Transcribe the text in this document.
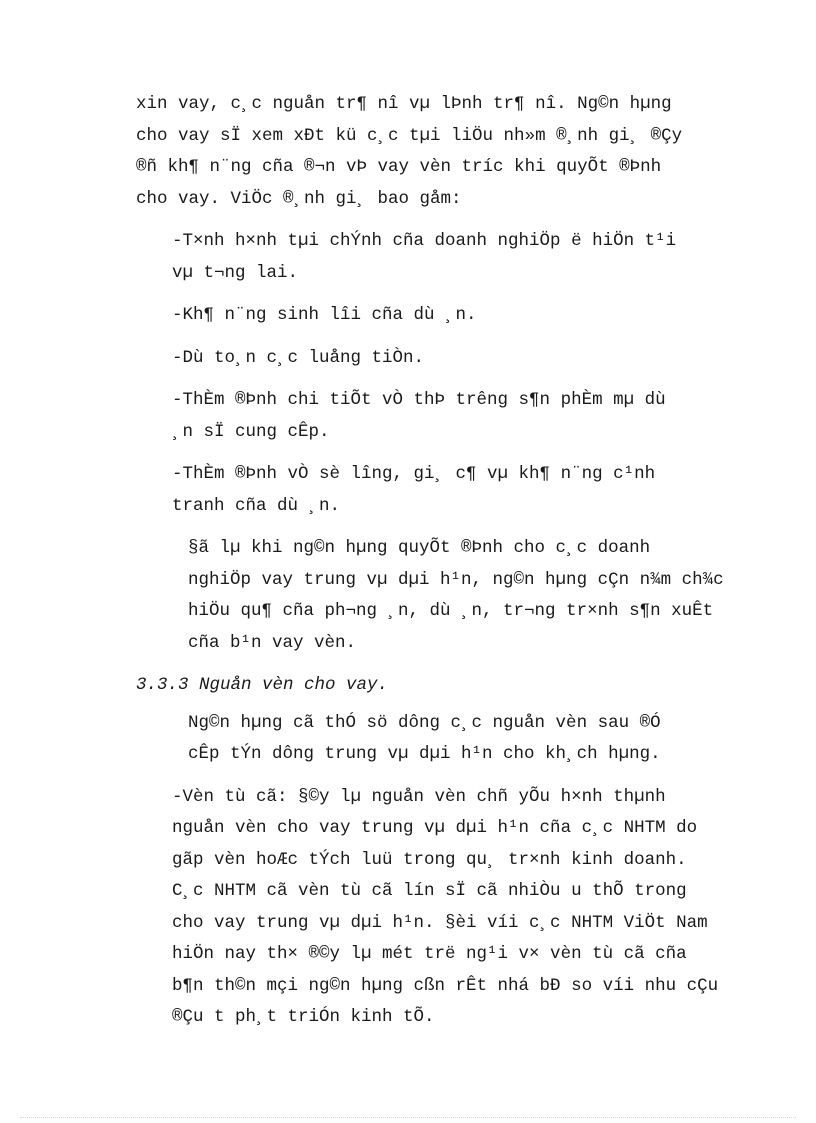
xin vay, c¸c nguån tr¶ nî vµ lÞnh tr¶ nî. Ng©n hµng
cho vay sÏ xem xÐt kü c¸c tµi liÖu nh»m ®¸nh gi¸ ®Çy
®ñ kh¶ n¨ng cña ®¬n vÞ vay vèn tríc khi quyÕt ®Þnh
cho vay. ViÖc ®¸nh gi¸ bao gåm:

-T×nh h×nh tµi chÝnh cña doanh nghiÖp ë hiÖn t¹i
vµ t¬ng lai.

-Kh¶ n¨ng sinh lîi cña dù ¸n.

-Dù to¸n c¸c luång tiÒn.

-ThÈm ®Þnh chi tiÕt vÒ thÞ trêng s¶n phÈm mµ dù
¸n sÏ cung cÊp.

-ThÈm ®Þnh vÒ sè lîng, gi¸ c¶ vµ kh¶ n¨ng c¹nh
tranh cña dù ¸n.

§ã lµ khi ng©n hµng quyÕt ®Þnh cho c¸c doanh
nghiÖp vay trung vµ dµi h¹n, ng©n hµng cÇn n¾m ch¾c
hiÖu qu¶ cña ph¬ng ¸n, dù ¸n, tr¬ng tr×nh s¶n xuÊt
cña b¹n vay vèn.

3.3.3 Nguån vèn cho vay.

Ng©n hµng cã thÓ sö dông c¸c nguån vèn sau ®Ó
cÊp tÝn dông trung vµ dµi h¹n cho kh¸ch hµng.

-Vèn tù cã: §©y lµ nguån vèn chñ yÕu h×nh thµnh
nguån vèn cho vay trung vµ dµi h¹n cña c¸c NHTM do
gãp vèn hoÆc tÝch luü trong qu¸ tr×nh kinh doanh.
C¸c NHTM cã vèn tù cã lín sÏ cã nhiÒu u thÕ trong
cho vay trung vµ dµi h¹n. §èi víi c¸c NHTM ViÖt Nam
hiÖn nay th× ®©y lµ mét trë ng¹i v× vèn tù cã cña
b¶n th©n mçi ng©n hµng cßn rÊt nhá bÐ so víi nhu cÇu
®Çu t ph¸t triÓn kinh tÕ.
